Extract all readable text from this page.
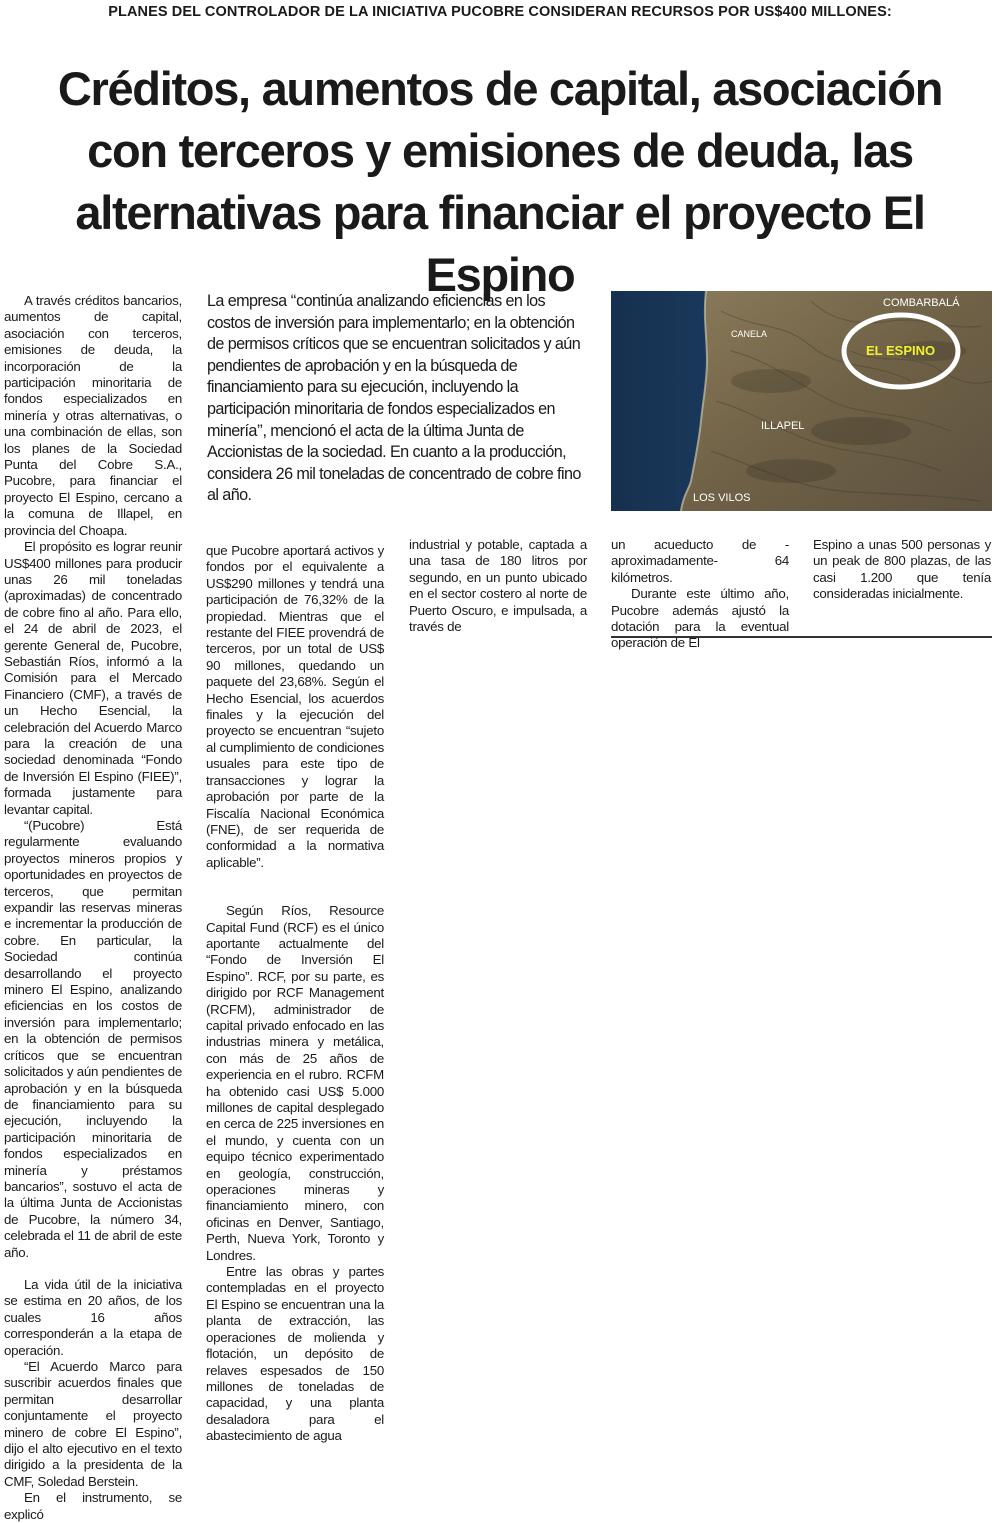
PLANES DEL CONTROLADOR DE LA INICIATIVA PUCOBRE CONSIDERAN RECURSOS POR US$400 MILLONES:
Créditos, aumentos de capital, asociación
con terceros y emisiones de deuda, las
alternativas para financiar el proyecto El Espino

A través créditos bancarios, aumentos de capital, asociación con terceros, emisiones de deuda, la incorporación de la participación minoritaria de fondos especializados en minería y otras alternativas, o una combinación de ellas, son los planes de la Sociedad Punta del Cobre S.A., Pucobre, para financiar el proyecto El Espino, cercano a la comuna de Illapel, en provincia del Choapa.

El propósito es lograr reunir US$400 millones para producir unas 26 mil toneladas (aproximadas) de concentrado de cobre fino al año. Para ello, el 24 de abril de 2023, el gerente General de, Pucobre, Sebastián Ríos, informó a la Comisión para el Mercado Financiero (CMF), a través de un Hecho Esencial, la celebración del Acuerdo Marco para la creación de una sociedad denominada “Fondo de Inversión El Espino (FIEE)”, formada justamente para levantar capital.

“(Pucobre) Está regularmente evaluando proyectos mineros propios y oportunidades en proyectos de terceros, que permitan expandir las reservas mineras e incrementar la producción de cobre. En particular, la Sociedad continúa desarrollando el proyecto minero El Espino, analizando eficiencias en los costos de inversión para implementarlo; en la obtención de permisos críticos que se encuentran solicitados y aún pendientes de aprobación y en la búsqueda de financiamiento para su ejecución, incluyendo la participación minoritaria de fondos especializados en minería y préstamos bancarios”, sostuvo el acta de la última Junta de Accionistas de Pucobre, la número 34, celebrada el 11 de abril de este año.

La vida útil de la iniciativa se estima en 20 años, de los cuales 16 años corresponderán a la etapa de operación.

“El Acuerdo Marco para suscribir acuerdos finales que permitan desarrollar conjuntamente el proyecto minero de cobre El Espino”, dijo el alto ejecutivo en el texto dirigido a la presidenta de la CMF, Soledad Berstein.

En el instrumento, se explicó

La empresa ‘‘continúa analizando eficiencias en los costos de inversión para implementarlo; en la obtención de permisos críticos que se encuentran solicitados y aún pendientes de aprobación y en la búsqueda de financiamiento para su ejecución, incluyendo la participación minoritaria de fondos especializados en minería’’, mencionó el acta de la última Junta de Accionistas de la sociedad. En cuanto a la producción, considera 26 mil toneladas de concentrado de cobre fino al año.
EL ESPINO
COMBARBALÁ
CANELA
ILLAPEL
LOS VILOS

que Pucobre aportará activos y fondos por el equivalente a US$290 millones y tendrá una participación de 76,32% de la propiedad. Mientras que el restante del FIEE provendrá de terceros, por un total de US$ 90 millones, quedando un paquete del 23,68%. Según el Hecho Esencial, los acuerdos finales y la ejecución del proyecto se encuentran “sujeto al cumplimiento de condiciones usuales para este tipo de transacciones y lograr la aprobación por parte de la Fiscalía Nacional Económica (FNE), de ser requerida de conformidad a la normativa aplicable”.

Según Ríos, Resource Capital Fund (RCF) es el único aportante actualmente del “Fondo de Inversión El Espino”. RCF, por su parte, es dirigido por RCF Management (RCFM), administrador de capital privado enfocado en las industrias minera y metálica, con más de 25 años de experiencia en el rubro. RCFM ha obtenido casi US$ 5.000 millones de capital desplegado en cerca de 225 inversiones en el mundo, y cuenta con un equipo técnico experimentado en geología, construcción, operaciones mineras y financiamiento minero, con oficinas en Denver, Santiago, Perth, Nueva York, Toronto y Londres.

Entre las obras y partes contempladas en el proyecto El Espino se encuentran una la planta de extracción, las operaciones de molienda y flotación, un depósito de relaves espesados de 150 millones de toneladas de capacidad, y una planta desaladora para el abastecimiento de agua

industrial y potable, captada a una tasa de 180 litros por segundo, en un punto ubicado en el sector costero al norte de Puerto Oscuro, e impulsada, a través de

un acueducto de -aproximadamente- 64 kilómetros.

Durante este último año, Pucobre además ajustó la dotación para la eventual operación de El

Espino a unas 500 personas y un peak de 800 plazas, de las casi 1.200 que tenía consideradas inicialmente.
